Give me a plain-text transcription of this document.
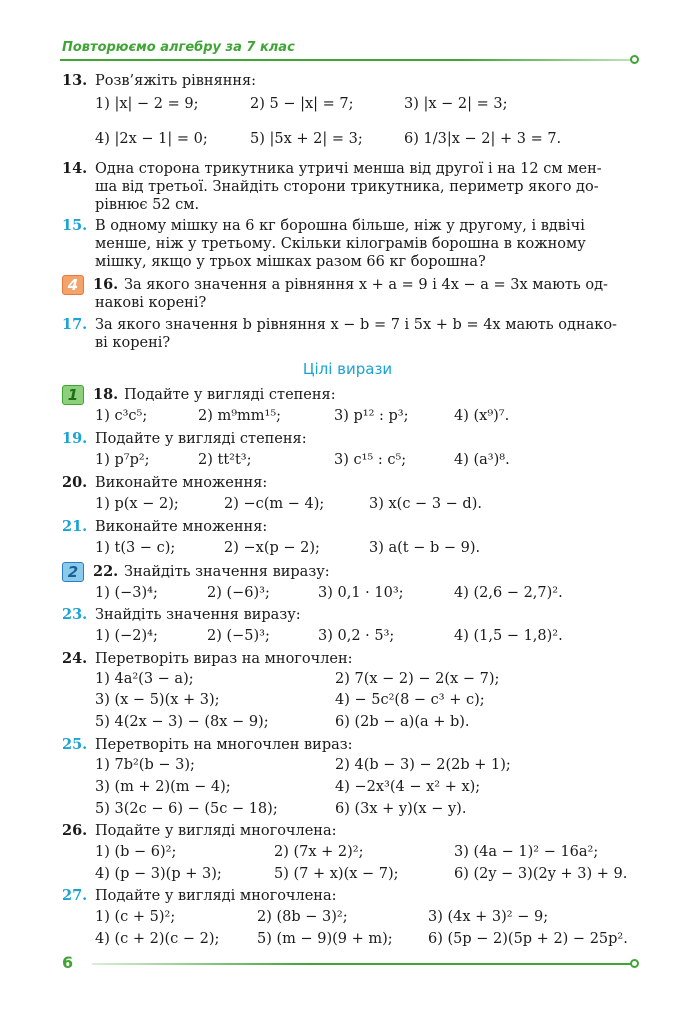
Повторюємо алгебру за 7 клас
13. Розв’яжіть рівняння:
1) |x| − 2 = 9;	2) 5 − |x| = 7;	3) |x − 2| = 3;
4) |2x − 1| = 0;	5) |5x + 2| = 3;	6) 1/3|x − 2| + 3 = 7.
14. Одна сторона трикутника утричі менша від другої і на 12 см мен-
ша від третьої. Знайдіть сторони трикутника, периметр якого до-
рівнює 52 см.
15. В одному мішку на 6 кг борошна більше, ніж у другому, і вдвічі
менше, ніж у третьому. Скільки кілограмів борошна в кожному
мішку, якщо у трьох мішках разом 66 кг борошна?
4	16. За якого значення a рівняння x + a = 9 і 4x − a = 3x мають од-
накові корені?
17. За якого значення b рівняння x − b = 7 і 5x + b = 4x мають однако-
ві корені?
Цілі вирази
1	18. Подайте у вигляді степеня:
1) c³c⁵;	2) m⁹mm¹⁵;	3) p¹² : p³;	4) (x⁹)⁷.
19. Подайте у вигляді степеня:
1) p⁷p²;	2) tt²t³;	3) c¹⁵ : c⁵;	4) (a³)⁸.
20. Виконайте множення:
1) p(x − 2);	2) −c(m − 4);	3) x(c − 3 − d).
21. Виконайте множення:
1) t(3 − c);	2) −x(p − 2);	3) a(t − b − 9).
2	22. Знайдіть значення виразу:
1) (−3)⁴;	2) (−6)³;	3) 0,1 · 10³;	4) (2,6 − 2,7)².
23. Знайдіть значення виразу:
1) (−2)⁴;	2) (−5)³;	3) 0,2 · 5³;	4) (1,5 − 1,8)².
24. Перетворіть вираз на многочлен:
1) 4a²(3 − a);	2) 7(x − 2) − 2(x − 7);
3) (x − 5)(x + 3);	4) − 5c²(8 − c³ + c);
5) 4(2x − 3) − (8x − 9);	6) (2b − a)(a + b).
25. Перетворіть на многочлен вираз:
1) 7b²(b − 3);	2) 4(b − 3) − 2(2b + 1);
3) (m + 2)(m − 4);	4) −2x³(4 − x² + x);
5) 3(2c − 6) − (5c − 18);	6) (3x + y)(x − y).
26. Подайте у вигляді многочлена:
1) (b − 6)²;	2) (7x + 2)²;	3) (4a − 1)² − 16a²;
4) (p − 3)(p + 3);	5) (7 + x)(x − 7);	6) (2y − 3)(2y + 3) + 9.
27. Подайте у вигляді многочлена:
1) (c + 5)²;	2) (8b − 3)²;	3) (4x + 3)² − 9;
4) (c + 2)(c − 2);	5) (m − 9)(9 + m); 6) (5p − 2)(5p + 2) − 25p².
6
